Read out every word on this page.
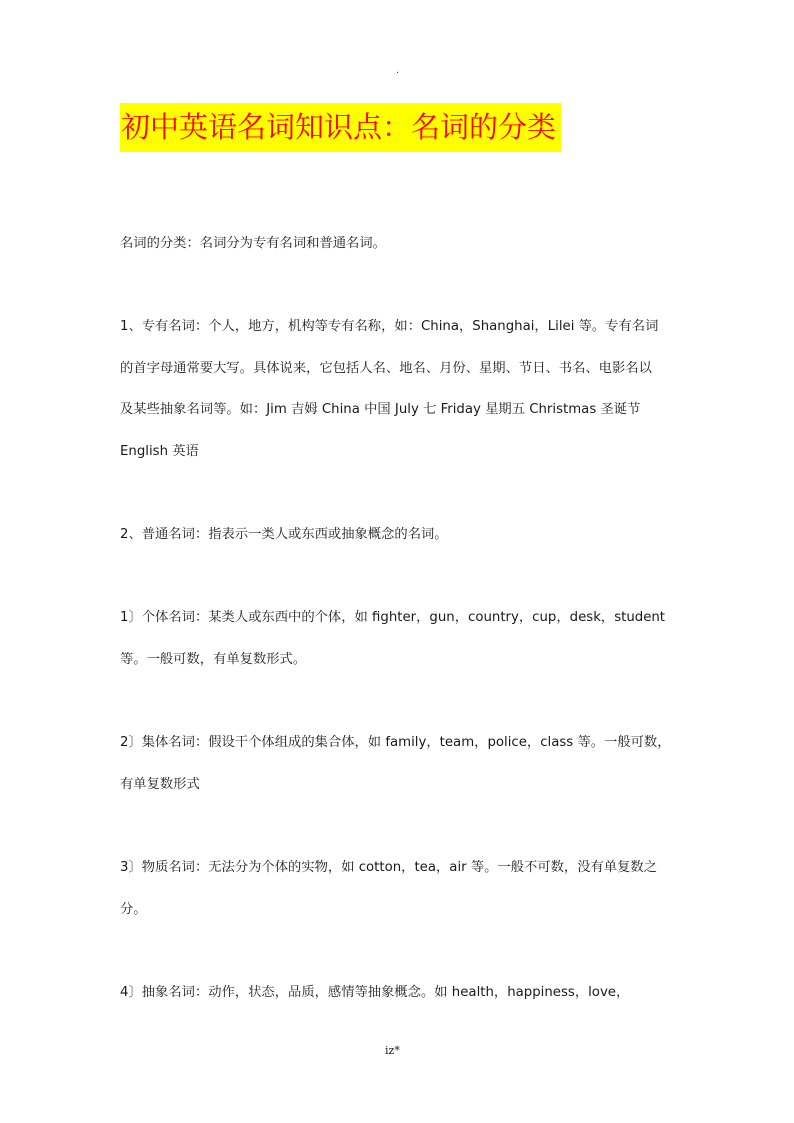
.
初中英语名词知识点：名词的分类
名词的分类：名词分为专有名词和普通名词。
1、专有名词：个人，地方，机构等专有名称，如：China，Shanghai，Lilei 等。专有名词
的首字母通常要大写。具体说来，它包括人名、地名、月份、星期、节日、书名、电影名以
及某些抽象名词等。如：Jim 吉姆 China 中国 July 七 Friday 星期五 Christmas 圣诞节
English 英语
2、普通名词：指表示一类人或东西或抽象概念的名词。
1〕个体名词：某类人或东西中的个体，如 fighter，gun，country，cup，desk，student
等。一般可数，有单复数形式。
2〕集体名词：假设干个体组成的集合体，如 family，team，police，class 等。一般可数，
有单复数形式
3〕物质名词：无法分为个体的实物，如 cotton，tea，air 等。一般不可数，没有单复数之
分。
4〕抽象名词：动作，状态，品质，感情等抽象概念。如 health，happiness，love，
iz*
